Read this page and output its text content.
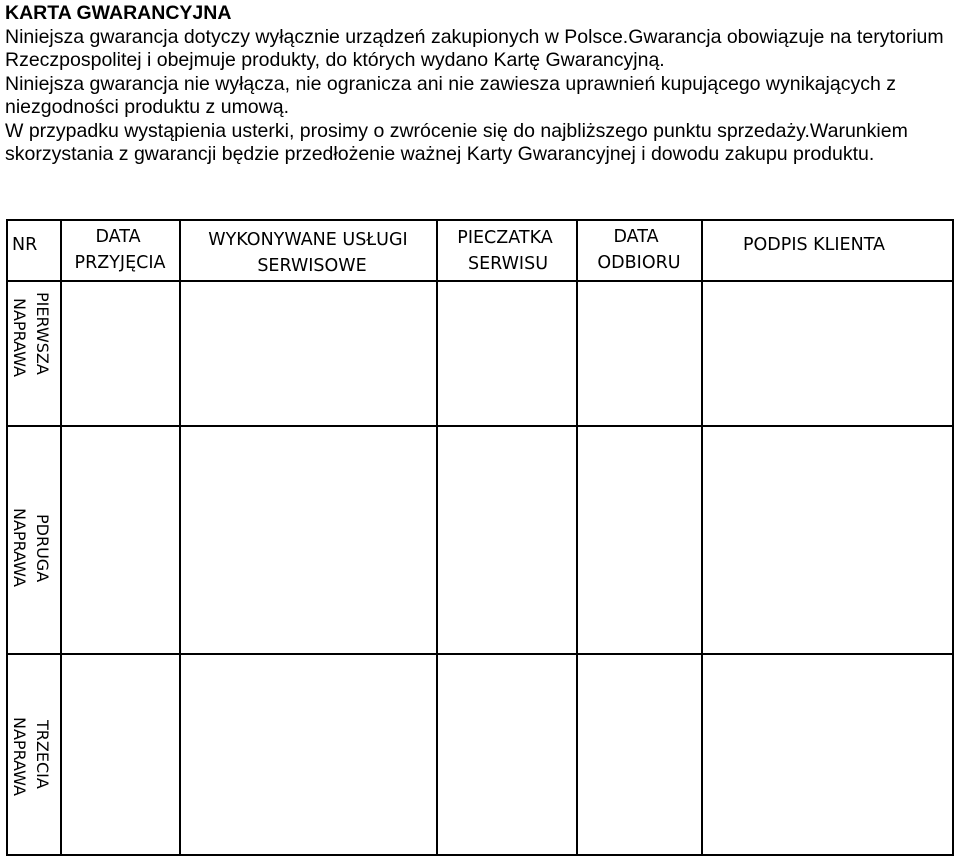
KARTA GWARANCYJNA
Niniejsza gwarancja dotyczy wyłącznie urządzeń zakupionych w Polsce.Gwarancja obowiązuje na terytorium Rzeczpospolitej i obejmuje produkty, do których wydano Kartę Gwarancyjną.
Niniejsza gwarancja nie wyłącza, nie ogranicza ani nie zawiesza uprawnień kupującego wynikających z niezgodności produktu z umową.
W przypadku wystąpienia usterki, prosimy o zwrócenie się do najbliższego punktu sprzedaży.Warunkiem skorzystania z gwarancji będzie przedłożenie ważnej Karty Gwarancyjnej i dowodu zakupu produktu.
NR	DATA
PRZYJĘCIA
WYKONYWANE USŁUGI
SERWISOWE
PIECZATKA
SERWISU
DATA
ODBIORU
PODPIS KLIENTA
PIERWSZA
NAPRAWA
PDRUGA
NAPRAWA
TRZECIA
NAPRAWA
